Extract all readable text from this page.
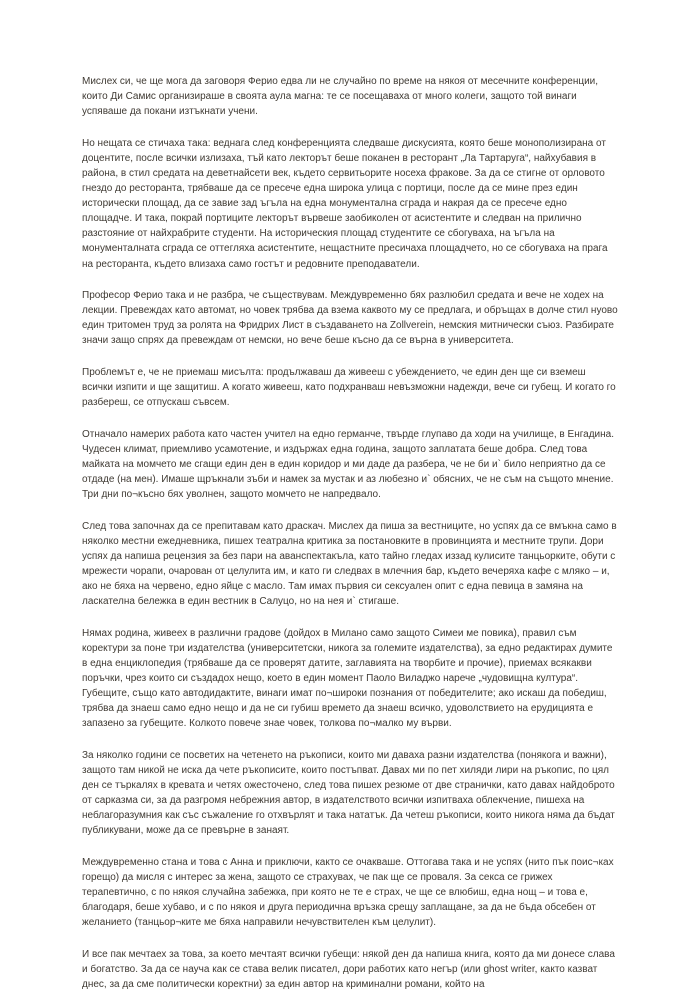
Мислех си, че ще мога да заговоря Ферио едва ли не случайно по време на някоя от месечните конференции, които Ди Самис организираше в своята аула магна: те се посещаваха от много колеги, защото той винаги успяваше да покани изтъкнати учени.

Но нещата се стичаха така: веднага след конференцията следваше дискусията, която беше монополизирана от доцентите, после всички излизаха, тъй като лекторът беше поканен в ресторант „Ла Тартаруга“, найхубавия в района, в стил средата на деветнайсети век, където сервитьорите носеха фракове. За да се стигне от орловото гнездо до ресторанта, трябваше да се пресече една широка улица с портици, после да се мине през един исторически площад, да се завие зад ъгъла на една монументална сграда и накрая да се пресече едно площадче. И така, покрай портиците лекторът вървеше заобиколен от асистентите и следван на прилично разстояние от найхрабрите студенти. На историческия площад студентите се сбогуваха, на ъгъла на монументалната сграда се оттегляха асистентите, нещастните пресичаха площадчето, но се сбогуваха на прага на ресторанта, където влизаха само гостът и редовните преподаватели.

Професор Ферио така и не разбра, че съществувам. Междувременно бях разлюбил средата и вече не ходех на лекции. Превеждах като автомат, но човек трябва да взема каквото му се предлага, и обръщах в долче стил нуово един тритомен труд за ролята на Фридрих Лист в създаването на Zollverein, немския митнически съюз. Разбирате значи защо спрях да превеждам от немски, но вече беше късно да се върна в университета.

Проблемът е, че не приемаш мисълта: продължаваш да живееш с убеждението, че един ден ще си вземеш всички изпити и ще защитиш. А когато живееш, като подхранваш невъзможни надежди, вече си губещ. И когато го разбереш, се отпускаш съвсем.

Отначало намерих работа като частен учител на едно германче, твърде глупаво да ходи на училище, в Енгадина. Чудесен климат, приемливо усамотение, и издържах една година, защото заплатата беше добра. След това майката на момчето ме сгащи един ден в един коридор и ми даде да разбера, че не би и` било неприятно да се отдаде (на мен). Имаше щръкнали зъби и намек за мустак и аз любезно и` обясних, че не съм на същото мнение. Три дни по¬късно бях уволнен, защото момчето не напредвало.

След това започнах да се препитавам като драскач. Мислех да пиша за вестниците, но успях да се вмъкна само в няколко местни ежедневника, пишех театрална критика за постановките в провинцията и местните трупи. Дори успях да напиша рецензия за без пари на аванспектакъла, като тайно гледах иззад кулисите танцьорките, обути с мрежести чорапи, очарован от целулита им, и като ги следвах в млечния бар, където вечеряха кафе с мляко – и, ако не бяха на червено, едно яйце с масло. Там имах първия си сексуален опит с една певица в замяна на ласкателна бележка в един вестник в Салуцо, но на нея и` стигаше.

Нямах родина, живеех в различни градове (дойдох в Милано само защото Симеи ме повика), правил съм коректури за поне три издателства (университетски, никога за големите издателства), за едно редактирах думите в една енциклопедия (трябваше да се проверят датите, заглавията на творбите и прочие), приемах всякакви поръчки, чрез които си създадох нещо, което в един момент Паоло Виладжо нарече „чудовищна култура“. Губещите, също като автодидактите, винаги имат по¬широки познания от победителите; ако искаш да победиш, трябва да знаеш само едно нещо и да не си губиш времето да знаеш всичко, удоволствието на ерудицията е запазено за губещите. Колкото повече знае човек, толкова по¬малко му върви.

За няколко години се посветих на четенето на ръкописи, които ми даваха разни издателства (понякога и важни), защото там никой не иска да чете ръкописите, които постъпват. Давах ми по пет хиляди лири на ръкопис, по цял ден се търкалях в кревата и четях ожесточено, след това пишех резюме от две странички, като давах найдоброто от сарказма си, за да разгромя небрежния автор, в издателството всички изпитваха облекчение, пишеха на неблагоразумния как със съжаление го отхвърлят и така нататък. Да четеш ръкописи, които никога няма да бъдат публикувани, може да се превърне в занаят.

Междувременно стана и това с Анна и приключи, както се очакваше. Оттогава така и не успях (нито пък поис¬ках горещо) да мисля с интерес за жена, защото се страхувах, че пак ще се проваля. За секса се грижех терапевтично, с по някоя случайна забежка, при която не те е страх, че ще се влюбиш, една нощ – и това е, благодаря, беше хубаво, и с по някоя и друга периодична връзка срещу заплащане, за да не бъда обсебен от желанието (танцьор¬ките ме бяха направили нечувствителен към целулит).

И все пак мечтаех за това, за което мечтаят всички губещи: някой ден да напиша книга, която да ми донесе слава и богатство. За да се науча как се става велик писател, дори работих като негър (или ghost writer, както казват днес, за да сме политически коректни) за един автор на криминални романи, който на
